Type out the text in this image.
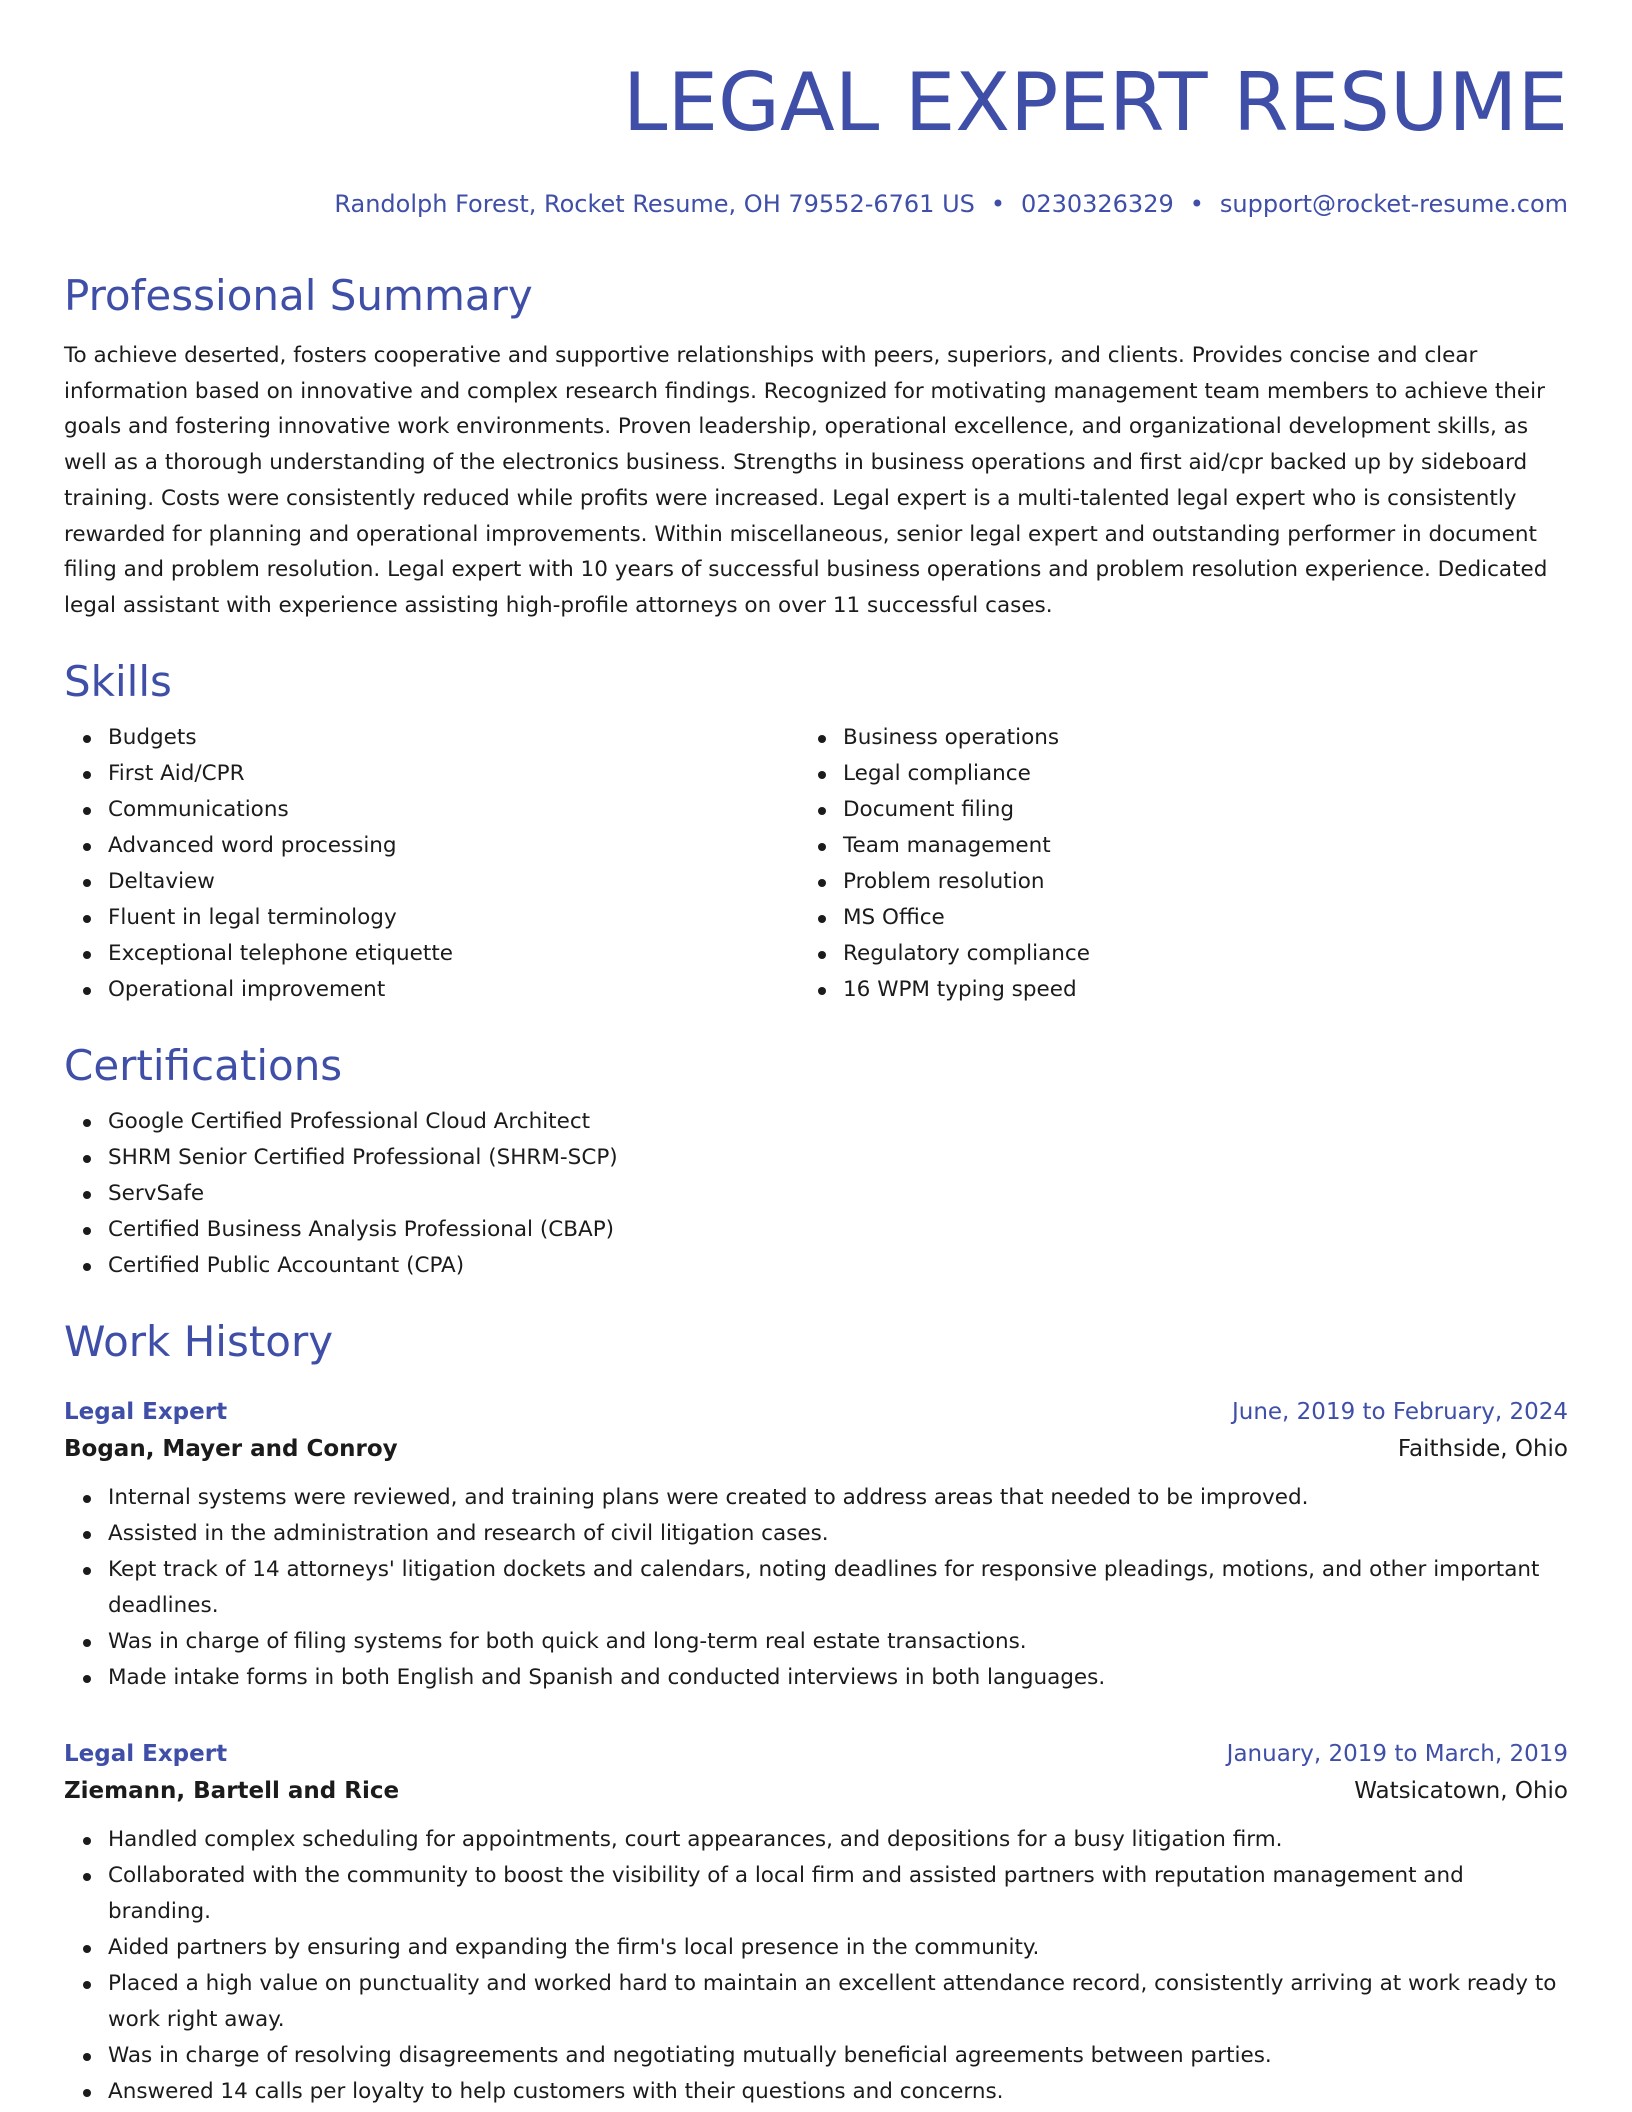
LEGAL EXPERT RESUME
Randolph Forest, Rocket Resume, OH 79552-6761 US • 0230326329 • support@rocket-resume.com
Professional Summary

To achieve deserted, fosters cooperative and supportive relationships with peers, superiors, and clients. Provides concise and clear information based on innovative and complex research findings. Recognized for motivating management team members to achieve their goals and fostering innovative work environments. Proven leadership, operational excellence, and organizational development skills, as well as a thorough understanding of the electronics business. Strengths in business operations and first aid/cpr backed up by sideboard training. Costs were consistently reduced while profits were increased. Legal expert is a multi-talented legal expert who is consistently rewarded for planning and operational improvements. Within miscellaneous, senior legal expert and outstanding performer in document filing and problem resolution. Legal expert with 10 years of successful business operations and problem resolution experience. Dedicated legal assistant with experience assisting high-profile attorneys on over 11 successful cases.

Skills
Budgets
First Aid/CPR
Communications
Advanced word processing
Deltaview
Fluent in legal terminology
Exceptional telephone etiquette
Operational improvement
Business operations
Legal compliance
Document filing
Team management
Problem resolution
MS Office
Regulatory compliance
16 WPM typing speed
Certifications
Google Certified Professional Cloud Architect
SHRM Senior Certified Professional (SHRM-SCP)
ServSafe
Certified Business Analysis Professional (CBAP)
Certified Public Accountant (CPA)
Work History
Legal Expert	June, 2019 to February, 2024
Bogan, Mayer and Conroy	Faithside, Ohio
Internal systems were reviewed, and training plans were created to address areas that needed to be improved.
Assisted in the administration and research of civil litigation cases.
Kept track of 14 attorneys' litigation dockets and calendars, noting deadlines for responsive pleadings, motions, and other important deadlines.
Was in charge of filing systems for both quick and long-term real estate transactions.
Made intake forms in both English and Spanish and conducted interviews in both languages.
Legal Expert	January, 2019 to March, 2019
Ziemann, Bartell and Rice	Watsicatown, Ohio
Handled complex scheduling for appointments, court appearances, and depositions for a busy litigation firm.
Collaborated with the community to boost the visibility of a local firm and assisted partners with reputation management and branding.
Aided partners by ensuring and expanding the firm's local presence in the community.
Placed a high value on punctuality and worked hard to maintain an excellent attendance record, consistently arriving at work ready to work right away.
Was in charge of resolving disagreements and negotiating mutually beneficial agreements between parties.
Answered 14 calls per loyalty to help customers with their questions and concerns.
